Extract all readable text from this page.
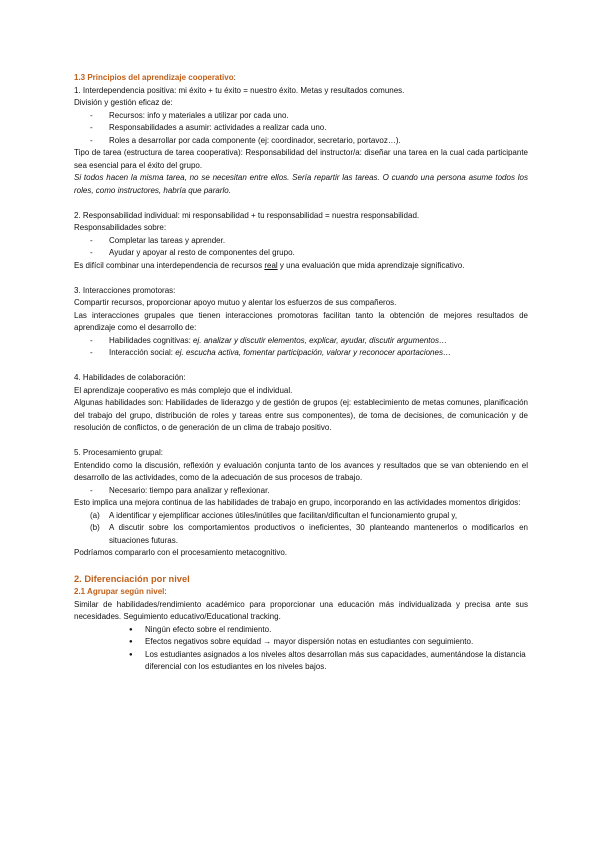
1.3 Principios del aprendizaje cooperativo:

1. Interdependencia positiva: mi éxito + tu éxito = nuestro éxito. Metas y resultados comunes.

División y gestión eficaz de:

- Recursos: info y materiales a utilizar por cada uno.
- Responsabilidades a asumir: actividades a realizar cada uno.
- Roles a desarrollar por cada componente (ej: coordinador, secretario, portavoz…).

Tipo de tarea (estructura de tarea cooperativa): Responsabilidad del instructor/a: diseñar una tarea en la cual cada participante sea esencial para el éxito del grupo.

Si todos hacen la misma tarea, no se necesitan entre ellos. Sería repartir las tareas. O cuando una persona asume todos los roles, como instructores, habría que pararlo.

2. Responsabilidad individual: mi responsabilidad + tu responsabilidad = nuestra responsabilidad.

Responsabilidades sobre:

- Completar las tareas y aprender.
- Ayudar y apoyar al resto de componentes del grupo.

Es difícil combinar una interdependencia de recursos real y una evaluación que mida aprendizaje significativo.

3. Interacciones promotoras:

Compartir recursos, proporcionar apoyo mutuo y alentar los esfuerzos de sus compañeros.

Las interacciones grupales que tienen interacciones promotoras facilitan tanto la obtención de mejores resultados de aprendizaje como el desarrollo de:

- Habilidades cognitivas: ej. analizar y discutir elementos, explicar, ayudar, discutir argumentos…
- Interacción social: ej. escucha activa, fomentar participación, valorar y reconocer aportaciones…

4. Habilidades de colaboración:

El aprendizaje cooperativo es más complejo que el individual.

Algunas habilidades son: Habilidades de liderazgo y de gestión de grupos (ej: establecimiento de metas comunes, planificación del trabajo del grupo, distribución de roles y tareas entre sus componentes), de toma de decisiones, de comunicación y de resolución de conflictos, o de generación de un clima de trabajo positivo.

5. Procesamiento grupal:

Entendido como la discusión, reflexión y evaluación conjunta tanto de los avances y resultados que se van obteniendo en el desarrollo de las actividades, como de la adecuación de sus procesos de trabajo.

- Necesario: tiempo para analizar y reflexionar.

Esto implica una mejora continua de las habilidades de trabajo en grupo, incorporando en las actividades momentos dirigidos:

(a) A identificar y ejemplificar acciones útiles/inútiles que facilitan/dificultan el funcionamiento grupal y,
(b) A discutir sobre los comportamientos productivos o ineficientes, 30 planteando mantenerlos o modificarlos en situaciones futuras.

Podríamos compararlo con el procesamiento metacognitivo.

2. Diferenciación por nivel

2.1 Agrupar según nivel:

Similar de habilidades/rendimiento académico para proporcionar una educación más individualizada y precisa ante sus necesidades. Seguimiento educativo/Educational tracking.

● Ningún efecto sobre el rendimiento.
● Efectos negativos sobre equidad → mayor dispersión notas en estudiantes con seguimiento.
● Los estudiantes asignados a los niveles altos desarrollan más sus capacidades, aumentándose la distancia diferencial con los estudiantes en los niveles bajos.
